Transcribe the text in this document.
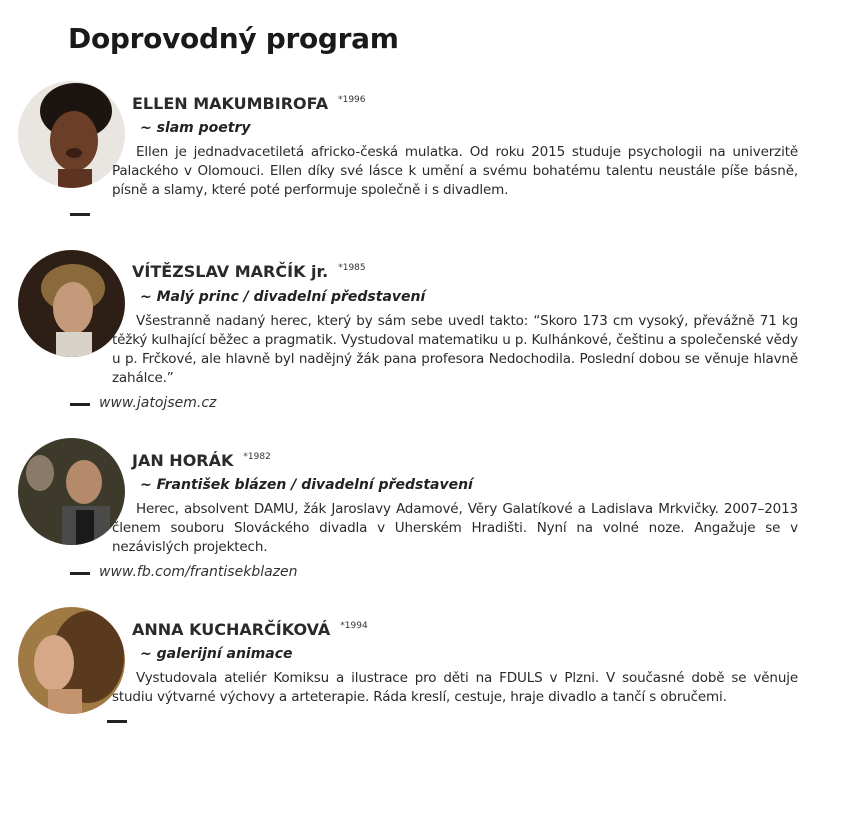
Doprovodný program
ELLEN MAKUMBIROFA $^{*1996}$
~ slam poetry

Ellen je jednadvacetiletá africko-česká mulatka. Od roku 2015 studuje psychologii na univerzitě Palackého v Olomouci. Ellen díky své lásce k umění a svému bohatému talentu neustále píše básně, písně a slamy, které poté performuje společně i s divadlem.

VÍTĚZSLAV MARČÍK jr. $^{*1985}$
~ Malý princ / divadelní představení

Všestranně nadaný herec, který by sám sebe uvedl takto: “Skoro 173 cm vysoký, převážně 71 kg těžký kulhající běžec a pragmatik. Vystudoval matematiku u p. Kulhánkové, češtinu a společenské vědy u p. Frčkové, ale hlavně byl nadějný žák pana profesora Nedochodila. Poslední dobou se věnuje hlavně zahálce.”

www.jatojsem.cz
JAN HORÁK $^{*1982}$
~ František blázen / divadelní představení

Herec, absolvent DAMU, žák Jaroslavy Adamové, Věry Galatíkové a Ladislava Mrkvičky. 2007–2013 členem souboru Slováckého divadla v Uherském Hradišti. Nyní na volné noze. Angažuje se v nezávislých projektech.

www.fb.com/frantisekblazen
ANNA KUCHARČÍKOVÁ $^{*1994}$
~ galerijní animace

Vystudovala ateliér Komiksu a ilustrace pro děti na FDULS v Plzni. V současné době se věnuje studiu výtvarné výchovy a arteterapie. Ráda kreslí, cestuje, hraje divadlo a tančí s obručemi.
